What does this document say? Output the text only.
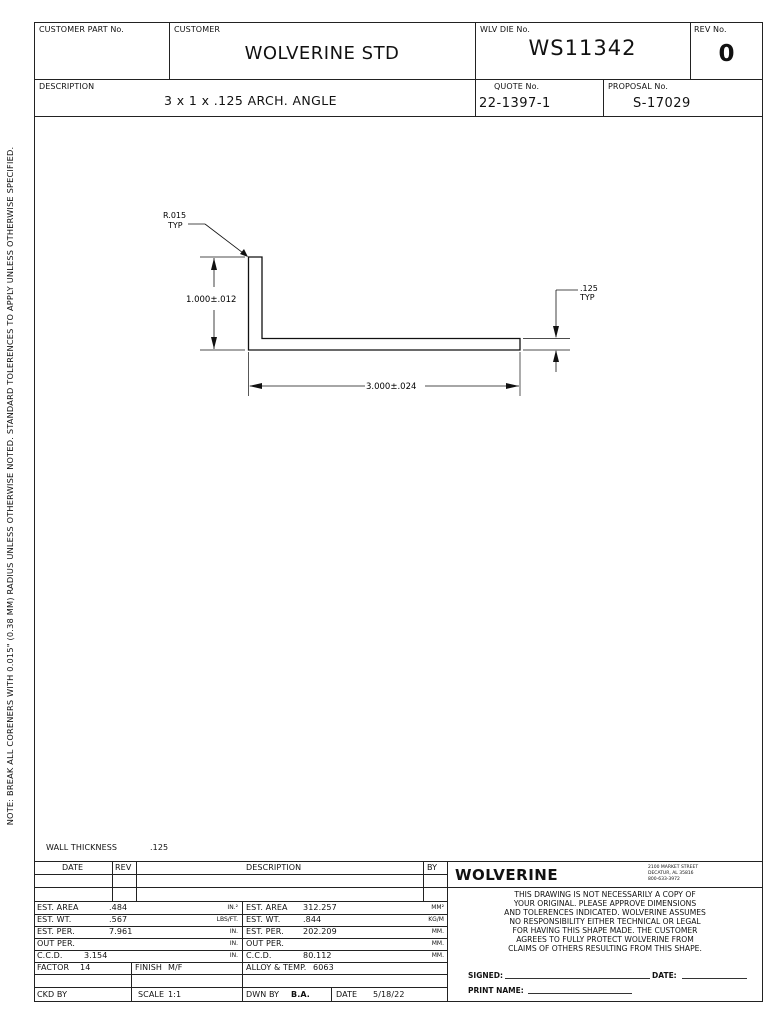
NOTE: BREAK ALL CORENERS WITH 0.015" (0.38 MM) RADIUS UNLESS OTHERWISE NOTED. STANDARD TOLERENCES TO APPLY UNLESS OTHERWISE SPECIFIED.
CUSTOMER PART No.	CUSTOMER
WOLVERINE STD
WLV DIE No.
WS11342
REV No.
0
DESCRIPTION
3 x 1 x .125 ARCH. ANGLE
QUOTE No.
22-1397-1
PROPOSAL No.
S-17029
R.015
TYP
1.000±.012
3.000±.024
.125
TYP
WALL THICKNESS	.125
DATE	REV	DESCRIPTION	BY
EST. AREA	.484	IN.²
EST. WT.	.567	LBS/FT.
EST. PER.	7.961	IN.
OUT PER.	IN.
C.C.D.	3.154	IN.
FACTOR 14	FINISH M/F
CKD BY	SCALE 1:1
EST. AREA 312.257	MM²
EST. WT.	.844	KG/M
EST. PER. 202.209	MM.
OUT PER.	MM.
C.C.D.	80.112	MM.
ALLOY & TEMP. 6063
DWN BY B.A.	DATE 5/18/22
WOLVERINE	2100 MARKET STREET
DECATUR, AL 35816
800-633-3972
THIS DRAWING IS NOT NECESSARILY A COPY OF
YOUR ORIGINAL. PLEASE APPROVE DIMENSIONS
AND TOLERENCES INDICATED. WOLVERINE ASSUMES
NO RESPONSIBILITY EITHER TECHNICAL OR LEGAL
FOR HAVING THIS SHAPE MADE. THE CUSTOMER
AGREES TO FULLY PROTECT WOLVERINE FROM
CLAIMS OF OTHERS RESULTING FROM THIS SHAPE.
SIGNED:	DATE:
PRINT NAME:
